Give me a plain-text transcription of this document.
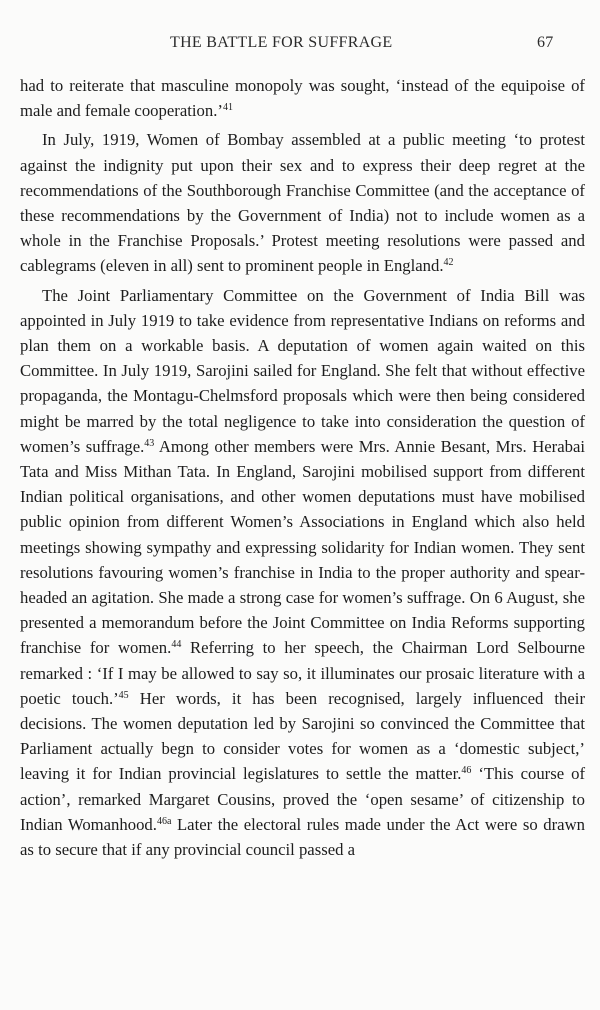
THE BATTLE FOR SUFFRAGE	67

had to reiterate that masculine monopoly was sought, ‘instead of the equipoise of male and female cooperation.’$^{41}$

In July, 1919, Women of Bombay assembled at a public meeting ‘to protest against the indignity put upon their sex and to express their deep regret at the recommendations of the Southborough Franchise Committee (and the acceptance of these recommendations by the Government of India) not to include women as a whole in the Franchise Proposals.’ Protest meeting resolutions were passed and cablegrams (eleven in all) sent to prominent people in England.$^{42}$

The Joint Parliamentary Committee on the Government of India Bill was appointed in July 1919 to take evidence from representative Indians on reforms and plan them on a workable basis. A deputation of women again waited on this Committee. In July 1919, Sarojini sailed for England. She felt that without effective propaganda, the Montagu-Chelmsford proposals which were then being considered might be marred by the total negligence to take into consideration the question of women’s suffrage.$^{43}$ Among other members were Mrs. Annie Besant, Mrs. Herabai Tata and Miss Mithan Tata. In England, Sarojini mobilised support from different Indian political organisations, and other women deputations must have mobilised public opinion from different Women’s Associations in England which also held meetings showing sympathy and expressing solidarity for Indian women. They sent resolutions favouring women’s franchise in India to the proper authority and spear-headed an agitation. She made a strong case for women’s suffrage. On 6 August, she presented a memorandum before the Joint Committee on India Reforms supporting franchise for women.$^{44}$ Referring to her speech, the Chairman Lord Selbourne remarked : ‘If I may be allowed to say so, it illuminates our prosaic literature with a poetic touch.’$^{45}$ Her words, it has been recognised, largely influenced their decisions. The women deputation led by Sarojini so convinced the Committee that Parliament actually begn to consider votes for women as a ‘domestic subject,’ leaving it for Indian provincial legislatures to settle the matter.$^{46}$ ‘This course of action’, remarked Margaret Cousins, proved the ‘open sesame’ of citizenship to Indian Womanhood.$^{46a}$ Later the electoral rules made under the Act were so drawn as to secure that if any provincial council passed a
